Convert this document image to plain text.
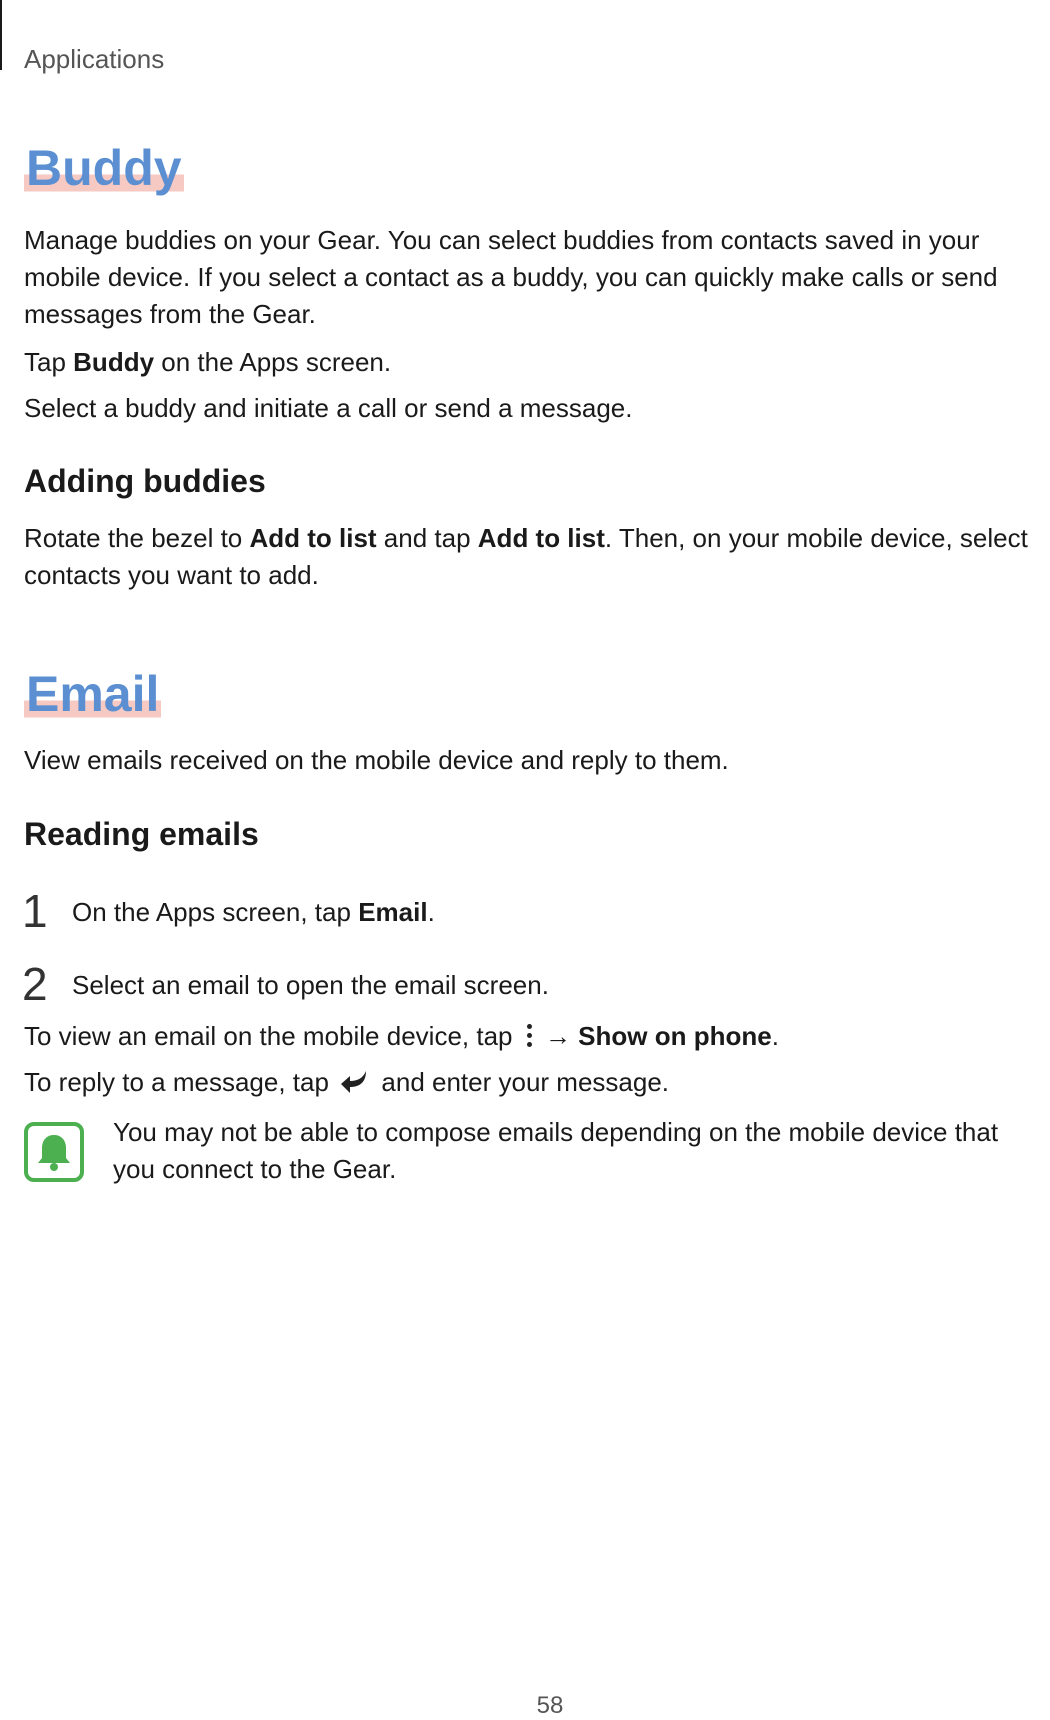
Applications
Buddy

Manage buddies on your Gear. You can select buddies from contacts saved in your mobile device. If you select a contact as a buddy, you can quickly make calls or send messages from the Gear.

Tap Buddy on the Apps screen.

Select a buddy and initiate a call or send a message.

Adding buddies

Rotate the bezel to Add to list and tap Add to list. Then, on your mobile device, select contacts you want to add.

Email

View emails received on the mobile device and reply to them.

Reading emails
1 On the Apps screen, tap Email.
2 Select an email to open the email screen.

To view an email on the mobile device, tap
→ Show on phone.

To reply to a message, tap  and enter your message.

You may not be able to compose emails depending on the mobile device that you connect to the Gear.

58
